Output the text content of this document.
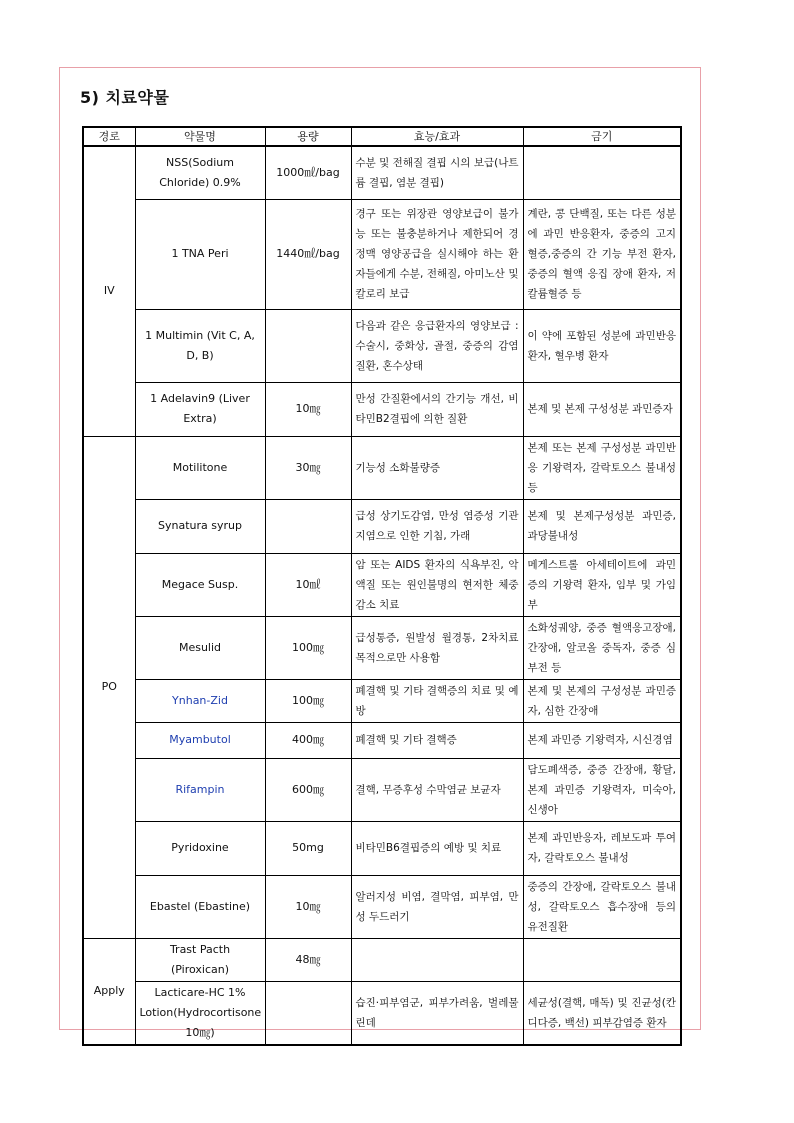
5) 치료약물
경로	약물명	용량	효능/효과	금기
IV	NSS(Sodium Chloride) 0.9%	1000㎖/bag	수분 및 전해질 결핍 시의 보급(나트륨 결핍, 염분 결핍)	
	1 TNA Peri	1440㎖/bag	경구 또는 위장관 영양보급이 불가능 또는 불충분하거나 제한되어 경정맥 영양공급을 실시해야 하는 환자들에게 수분, 전해질, 아미노산 및 칼로리 보급	계란, 콩 단백질, 또는 다른 성분에 과민 반응환자, 중증의 고지혈증,중증의 간 기능 부전 환자, 중증의 혈액 응집 장애 환자, 저칼륨혈증 등
	1 Multimin (Vit C, A, D, B)		다음과 같은 응급환자의 영양보급 : 수술시, 중화상, 골절, 중증의 감염 질환, 혼수상태	이 약에 포함된 성분에 과민반응 환자, 혈우병 환자
	1 Adelavin9 (Liver Extra)	10㎎	만성 간질환에서의 간기능 개선, 비타민B2결핍에 의한 질환	본제 및 본제 구성성분 과민증자
PO	Motilitone	30㎎	기능성 소화불량증	본제 또는 본제 구성성분 과민반응 기왕력자, 갈락토오스 불내성 등
	Synatura syrup		급성 상기도감염, 만성 염증성 기관지염으로 인한 기침, 가래	본제 및 본제구성성분 과민증, 과당불내성
	Megace Susp.	10㎖	암 또는 AIDS 환자의 식욕부진, 악액질 또는 원인불명의 현저한 체중감소 치료	메게스트롤 아세테이트에 과민증의 기왕력 환자, 임부 및 가임부
	Mesulid	100㎎	급성통증, 원발성 월경통, 2차치료 목적으로만 사용함	소화성궤양, 중증 혈액응고장애, 간장애, 알코올 중독자, 중증 심부전 등
	Ynhan-Zid	100㎎	폐결핵 및 기타 결핵증의 치료 및 예방	본제 및 본제의 구성성분 과민증자, 심한 간장애
	Myambutol	400㎎	폐결핵 및 기타 결핵증	본제 과민증 기왕력자, 시신경염
	Rifampin	600㎎	결핵, 무증후성 수막염균 보균자	담도폐색증, 중증 간장애, 황달, 본제 과민증 기왕력자, 미숙아, 신생아
	Pyridoxine	50mg	비타민B6결핍증의 예방 및 치료	본제 과민반응자, 레보도파 투여자, 갈락토오스 불내성
	Ebastel (Ebastine)	10㎎	알러지성 비염, 결막염, 피부염, 만성 두드러기	중증의 간장애, 갈락토오스 불내성, 갈락토오스 흡수장애 등의 유전질환
Apply	Trast Pacth (Piroxican)	48㎎		
	Lacticare-HC 1% Lotion(Hydrocortisone 10㎎)		습진·피부염군, 피부가려움, 벌레물린데	세균성(결핵, 매독) 및 진균성(칸디다증, 백선) 피부감염증 환자
